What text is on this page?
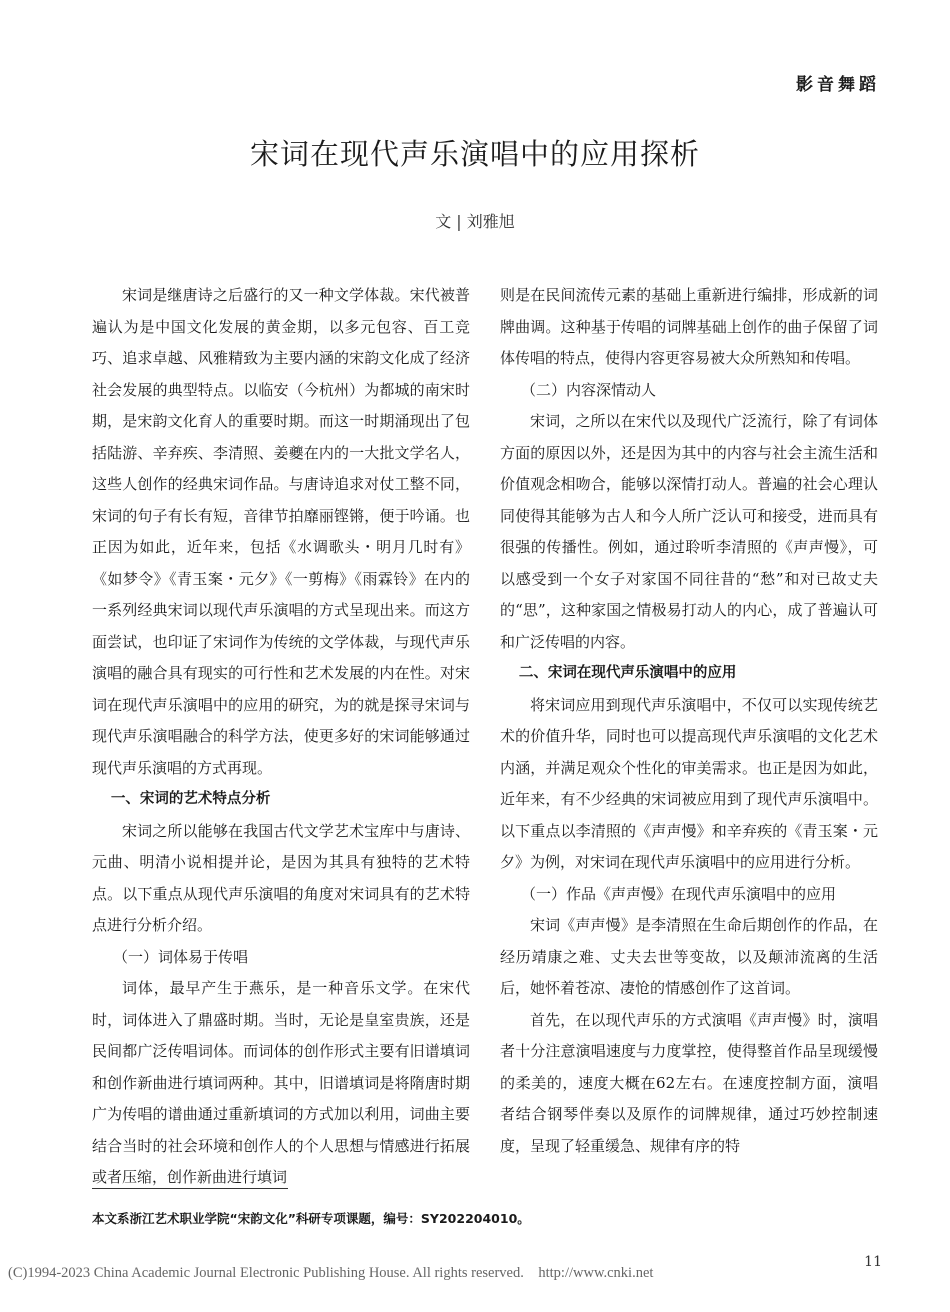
影音舞蹈
宋词在现代声乐演唱中的应用探析
文 | 刘雅旭

宋词是继唐诗之后盛行的又一种文学体裁。宋代被普遍认为是中国文化发展的黄金期，以多元包容、百工竞巧、追求卓越、风雅精致为主要内涵的宋韵文化成了经济社会发展的典型特点。以临安（今杭州）为都城的南宋时期，是宋韵文化育人的重要时期。而这一时期涌现出了包括陆游、辛弃疾、李清照、姜夔在内的一大批文学名人，这些人创作的经典宋词作品。与唐诗追求对仗工整不同，宋词的句子有长有短，音律节拍靡丽铿锵，便于吟诵。也正因为如此，近年来，包括《水调歌头・明月几时有》《如梦令》《青玉案・元夕》《一剪梅》《雨霖铃》在内的一系列经典宋词以现代声乐演唱的方式呈现出来。而这方面尝试，也印证了宋词作为传统的文学体裁，与现代声乐演唱的融合具有现实的可行性和艺术发展的内在性。对宋词在现代声乐演唱中的应用的研究，为的就是探寻宋词与现代声乐演唱融合的科学方法，使更多好的宋词能够通过现代声乐演唱的方式再现。

一、宋词的艺术特点分析

宋词之所以能够在我国古代文学艺术宝库中与唐诗、元曲、明清小说相提并论，是因为其具有独特的艺术特点。以下重点从现代声乐演唱的角度对宋词具有的艺术特点进行分析介绍。

（一）词体易于传唱

词体，最早产生于燕乐，是一种音乐文学。在宋代时，词体进入了鼎盛时期。当时，无论是皇室贵族，还是民间都广泛传唱词体。而词体的创作形式主要有旧谱填词和创作新曲进行填词两种。其中，旧谱填词是将隋唐时期广为传唱的谱曲通过重新填词的方式加以利用，词曲主要结合当时的社会环境和创作人的个人思想与情感进行拓展或者压缩，创作新曲进行填词

则是在民间流传元素的基础上重新进行编排，形成新的词牌曲调。这种基于传唱的词牌基础上创作的曲子保留了词体传唱的特点，使得内容更容易被大众所熟知和传唱。

（二）内容深情动人

宋词，之所以在宋代以及现代广泛流行，除了有词体方面的原因以外，还是因为其中的内容与社会主流生活和价值观念相吻合，能够以深情打动人。普遍的社会心理认同使得其能够为古人和今人所广泛认可和接受，进而具有很强的传播性。例如，通过聆听李清照的《声声慢》，可以感受到一个女子对家国不同往昔的“愁”和对已故丈夫的“思”，这种家国之情极易打动人的内心，成了普遍认可和广泛传唱的内容。

二、宋词在现代声乐演唱中的应用

将宋词应用到现代声乐演唱中，不仅可以实现传统艺术的价值升华，同时也可以提高现代声乐演唱的文化艺术内涵，并满足观众个性化的审美需求。也正是因为如此，近年来，有不少经典的宋词被应用到了现代声乐演唱中。以下重点以李清照的《声声慢》和辛弃疾的《青玉案・元夕》为例，对宋词在现代声乐演唱中的应用进行分析。

（一）作品《声声慢》在现代声乐演唱中的应用

宋词《声声慢》是李清照在生命后期创作的作品，在经历靖康之难、丈夫去世等变故，以及颠沛流离的生活后，她怀着苍凉、凄怆的情感创作了这首词。

首先，在以现代声乐的方式演唱《声声慢》时，演唱者十分注意演唱速度与力度掌控，使得整首作品呈现缓慢的柔美的，速度大概在62左右。在速度控制方面，演唱者结合钢琴伴奏以及原作的词牌规律，通过巧妙控制速度，呈现了轻重缓急、规律有序的特

本文系浙江艺术职业学院“宋韵文化”科研专项课题，编号：SY202204010。
11
(C)1994-2023 China Academic Journal Electronic Publishing House. All rights reserved.    http://www.cnki.net
